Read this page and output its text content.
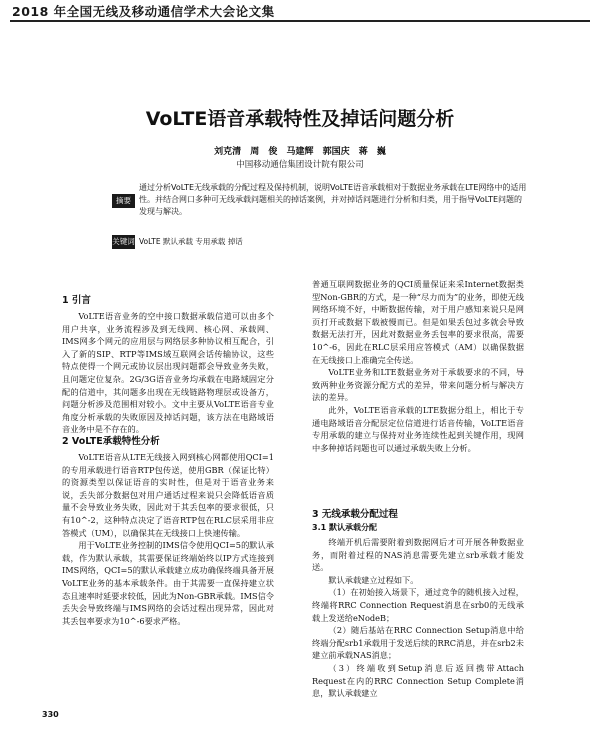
2018 年全国无线及移动通信学术大会论文集
VoLTE语音承载特性及掉话问题分析
刘克清 周 俊 马建辉 郭国庆 蒋 巍
中国移动通信集团设计院有限公司
摘要

通过分析VoLTE无线承载的分配过程及保持机制，说明VoLTE语音承载相对于数据业务承载在LTE网络中的适用性。并结合网口多种可无线承载问题相关的掉话案例，并对掉话问题进行分析和归类，用于指导VoLTE问题的发现与解决。

关键词 VoLTE 默认承载 专用承载 掉话

1 引言

VoLTE语音业务的空中接口数据承载信道可以由多个用户共享，业务流程涉及到无线网、核心网、承载网、IMS网多个网元的应用层与网络层多种协议相互配合，引入了新的SIP、RTP等IMS域互联网会话传输协议，这些特点使得一个网元或协议层出现问题都会导致业务失败，且问题定位复杂。2G/3G语音业务均承载在电路域固定分配的信道中，其问题多出现在无线链路物理层或设备方，问题分析涉及范围相对较小。文中主要从VoLTE语音专业角度分析承载的失败原因及掉话问题，该方法在电路域语音业务中是不存在的。

2 VoLTE承载特性分析

VoLTE语音从LTE无线接入网到核心网都使用QCI=1的专用承载进行语音RTP包传送，使用GBR（保证比特）的资源类型以保证语音的实时性，但是对于语音业务来说，丢失部分数据包对用户通话过程来说只会降低语音质量不会导致业务失败，因此对于其丢包率的要求很低，只有10^-2，这种特点决定了语音RTP包在RLC层采用非应答模式（UM），以确保其在无线接口上快速传输。

用于VoLTE业务控制的IMS信令使用QCI=5的默认承载，作为默认承载，其需要保证终端始终以IP方式连接到IMS网络，QCI=5的默认承载建立成功确保终端具备开展VoLTE业务的基本承载条件。由于其需要一直保持建立状态且速率时延要求较低，因此为Non-GBR承载。IMS信令丢失会导致终端与IMS网络的会话过程出现异常，因此对其丢包率要求为10^-6要求严格。

普通互联网数据业务的QCI质量保证来采Internet数据类型Non-GBR的方式，是一种“尽力而为”的业务，即使无线网络环境不好，中断数据传输，对于用户感知来说只是网页打开或数据下载被慢而已。但是如果丢包过多就会导致数据无法打开，因此对数据业务丢包率的要求很高，需要10^-6，因此在RLC层采用应答模式（AM）以确保数据在无线接口上准确完全传送。

VoLTE业务和LTE数据业务对于承载要求的不同，导致两种业务资源分配方式的差异，带来问题分析与解决方法的差异。

此外，VoLTE语音承载的LTE数据分组上，相比于专通电路域语音分配层定位信道进行话音传输，VoLTE语音专用承载的建立与保持对业务连续性起到关键作用，现网中多种掉话问题也可以通过承载失败上分析。

3 无线承载分配过程
3.1 默认承载分配

终端开机后需要附着到数据网后才可开展各种数据业务，而附着过程的NAS消息需要先建立srb承载才能发送。

默认承载建立过程如下。

（1）在初始接入场景下，通过竞争的随机接入过程，终端将RRC Connection Request消息在srb0的无线承载上发送给eNodeB；

（2）随后基站在RRC Connection Setup消息中给终端分配srb1承载用于发送后续的RRC消息，并在srb2未建立前承载NAS消息；

（3）终端收到Setup消息后返回携带Attach Request在内的RRC Connection Setup Complete消息，默认承载建立

330
